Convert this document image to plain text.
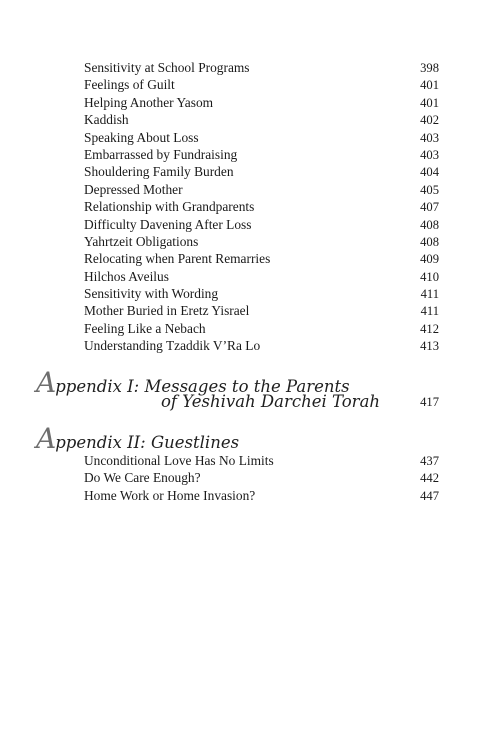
Sensitivity at School Programs	398
Feelings of Guilt	401
Helping Another Yasom	401
Kaddish	402
Speaking About Loss	403
Embarrassed by Fundraising	403
Shouldering Family Burden	404
Depressed Mother	405
Relationship with Grandparents	407
Difficulty Davening After Loss	408
Yahrtzeit Obligations	408
Relocating when Parent Remarries	409
Hilchos Aveilus	410
Sensitivity with Wording	411
Mother Buried in Eretz Yisrael	411
Feeling Like a Nebach	412
Understanding Tzaddik V’Ra Lo	413
Appendix I: Messages to the Parents
of Yeshivah Darchei Torah	417
Appendix II: Guestlines
Unconditional Love Has No Limits	437
Do We Care Enough?	442
Home Work or Home Invasion?	447
